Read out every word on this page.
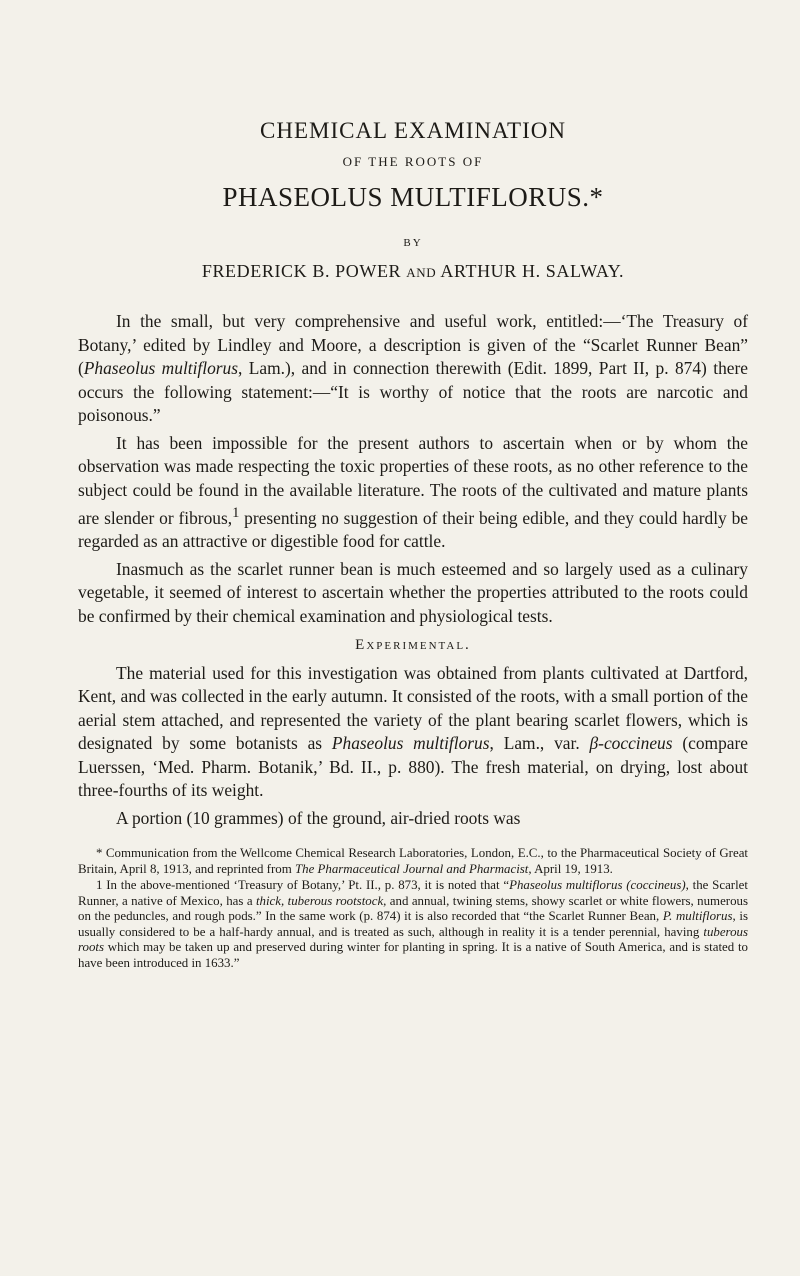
CHEMICAL EXAMINATION
OF THE ROOTS OF
PHASEOLUS MULTIFLORUS.*
BY
FREDERICK B. POWER AND ARTHUR H. SALWAY.

In the small, but very comprehensive and useful work, entitled:—‘The Treasury of Botany,’ edited by Lindley and Moore, a description is given of the “Scarlet Runner Bean” (Phaseolus multiflorus, Lam.), and in connection therewith (Edit. 1899, Part II, p. 874) there occurs the following statement:—“It is worthy of notice that the roots are narcotic and poisonous.”

It has been impossible for the present authors to ascertain when or by whom the observation was made respecting the toxic properties of these roots, as no other reference to the subject could be found in the available literature. The roots of the cultivated and mature plants are slender or fibrous,$^1$ presenting no suggestion of their being edible, and they could hardly be regarded as an attractive or digestible food for cattle.

Inasmuch as the scarlet runner bean is much esteemed and so largely used as a culinary vegetable, it seemed of interest to ascertain whether the properties attributed to the roots could be confirmed by their chemical examination and physiological tests.

Experimental.

The material used for this investigation was obtained from plants cultivated at Dartford, Kent, and was collected in the early autumn. It consisted of the roots, with a small portion of the aerial stem attached, and represented the variety of the plant bearing scarlet flowers, which is designated by some botanists as Phaseolus multiflorus, Lam., var. β-coccineus (compare Luerssen, ‘Med. Pharm. Botanik,’ Bd. II., p. 880). The fresh material, on drying, lost about three-fourths of its weight.

A portion (10 grammes) of the ground, air-dried roots was

* Communication from the Wellcome Chemical Research Laboratories, London, E.C., to the Pharmaceutical Society of Great Britain, April 8, 1913, and reprinted from The Pharmaceutical Journal and Pharmacist, April 19, 1913.

1 In the above-mentioned ‘Treasury of Botany,’ Pt. II., p. 873, it is noted that “Phaseolus multiflorus (coccineus), the Scarlet Runner, a native of Mexico, has a thick, tuberous rootstock, and annual, twining stems, showy scarlet or white flowers, numerous on the peduncles, and rough pods.” In the same work (p. 874) it is also recorded that “the Scarlet Runner Bean, P. multiflorus, is usually considered to be a half-hardy annual, and is treated as such, although in reality it is a tender perennial, having tuberous roots which may be taken up and preserved during winter for planting in spring. It is a native of South America, and is stated to have been introduced in 1633.”
